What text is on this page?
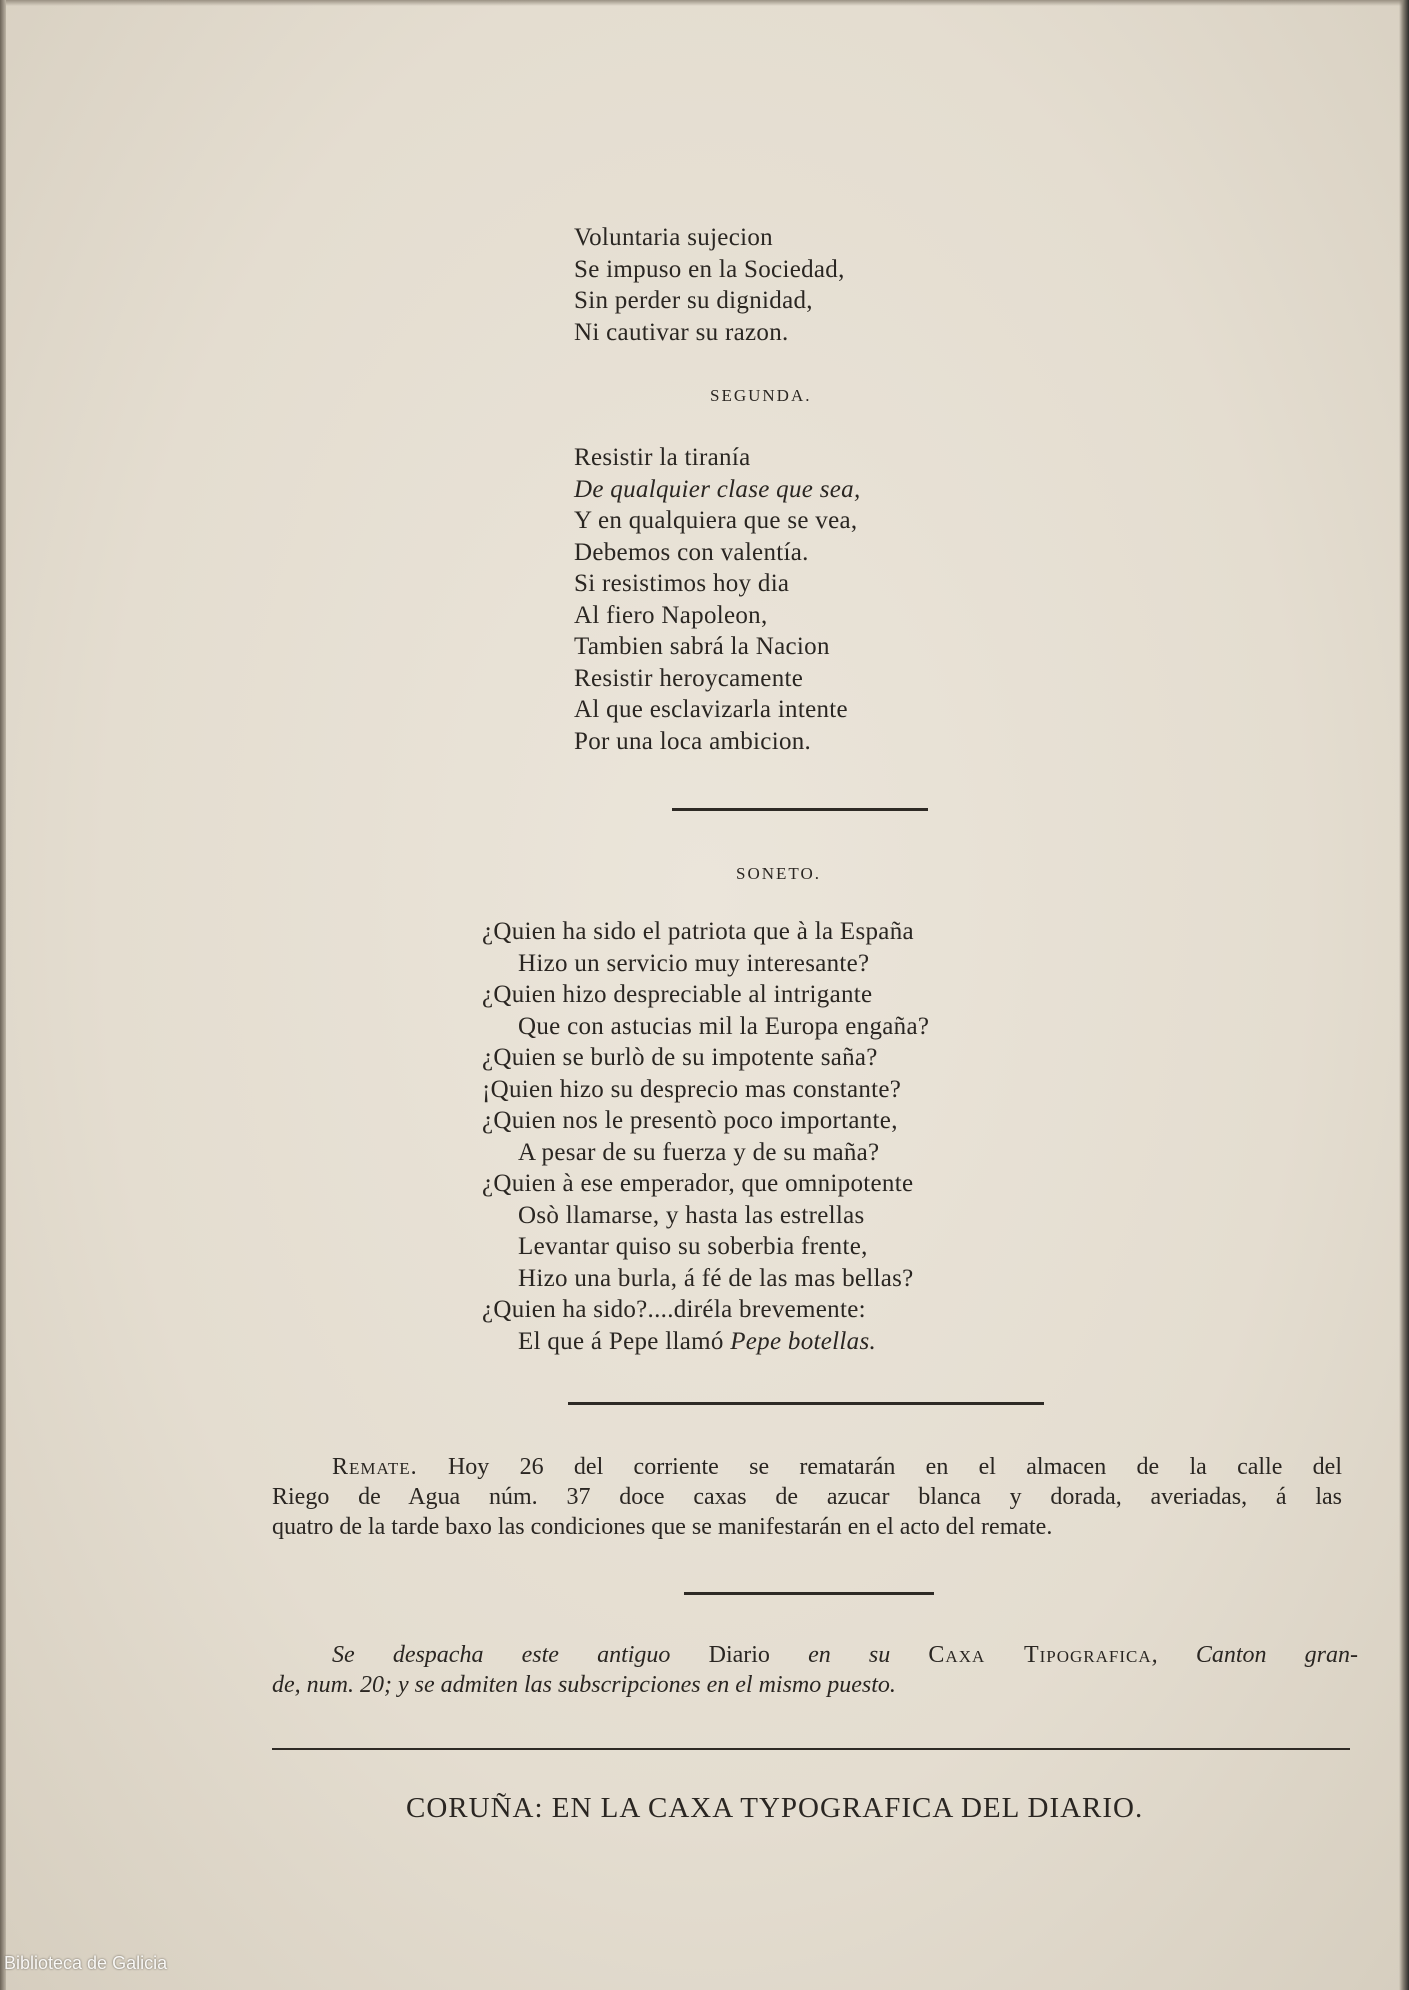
Voluntaria sujecion
Se impuso en la Sociedad,
Sin perder su dignidad,
Ni cautivar su razon.
SEGUNDA.
Resistir la tiranía
De qualquier clase que sea,
Y en qualquiera que se vea,
Debemos con valentía.
Si resistimos hoy dia
Al fiero Napoleon,
Tambien sabrá la Nacion
Resistir heroycamente
Al que esclavizarla intente
Por una loca ambicion.
SONETO.
¿Quien ha sido el patriota que à la España
Hizo un servicio muy interesante?
¿Quien hizo despreciable al intrigante
Que con astucias mil la Europa engaña?
¿Quien se burlò de su impotente saña?
¡Quien hizo su desprecio mas constante?
¿Quien nos le presentò poco importante,
A pesar de su fuerza y de su maña?
¿Quien à ese emperador, que omnipotente
Osò llamarse, y hasta las estrellas
Levantar quiso su soberbia frente,
Hizo una burla, á fé de las mas bellas?
¿Quien ha sido?....diréla brevemente:
El que á Pepe llamó Pepe botellas.
Remate. Hoy 26 del corriente se rematarán en el almacen de la calle del
Riego de Agua núm. 37 doce caxas de azucar blanca y dorada, averiadas, á las
quatro de la tarde baxo las condiciones que se manifestarán en el acto del remate.
Se despacha este antiguo Diario en su Caxa Tipografica, Canton gran-
de, num. 20; y se admiten las subscripciones en el mismo puesto.
CORUÑA: EN LA CAXA TYPOGRAFICA DEL DIARIO.
Biblioteca de Galicia
